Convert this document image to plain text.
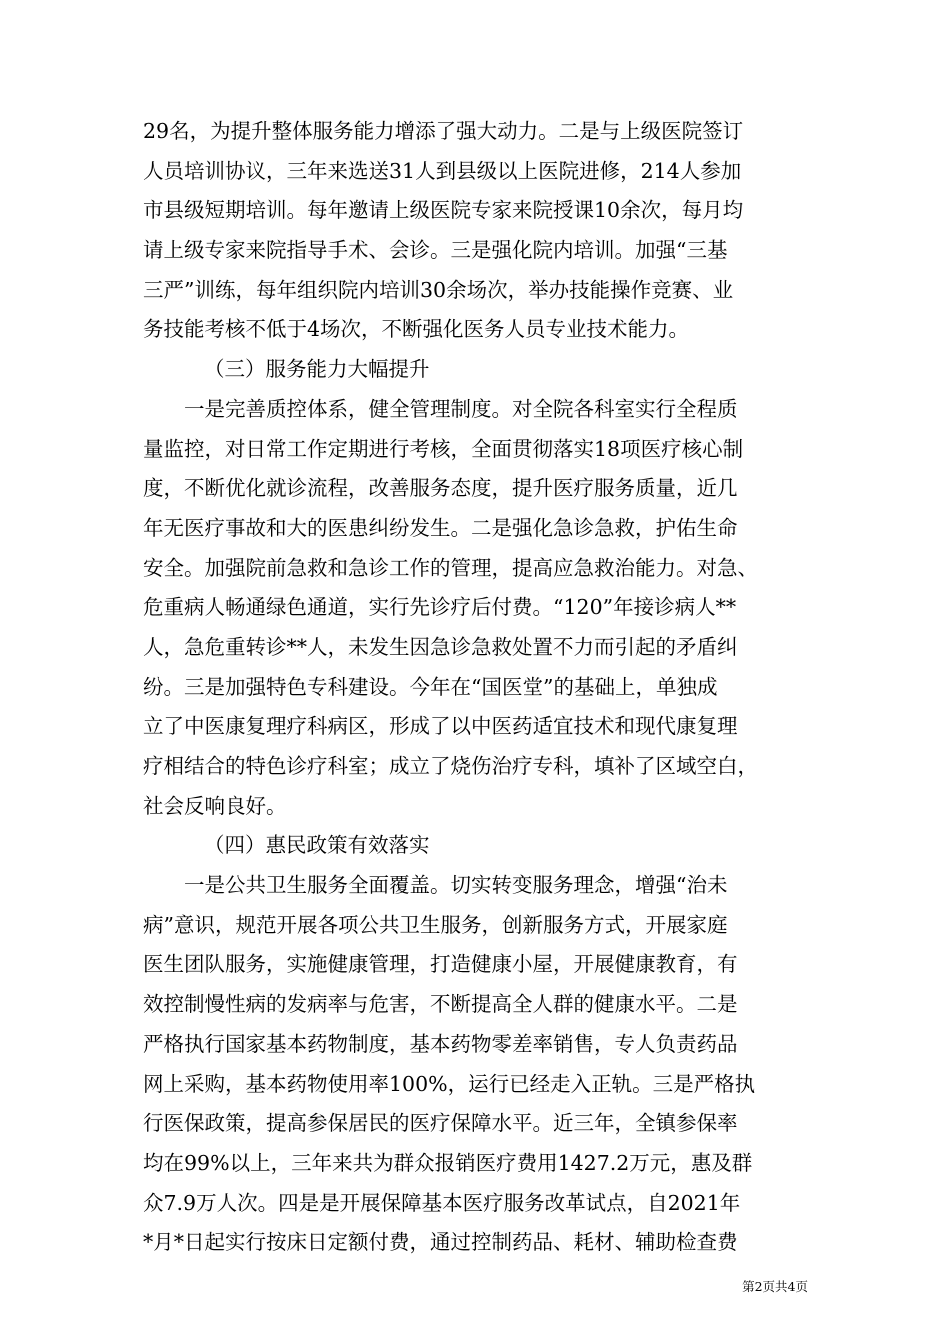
29名，为提升整体服务能力增添了强大动力。二是与上级医院签订
人员培训协议，三年来选送31人到县级以上医院进修，214人参加
市县级短期培训。每年邀请上级医院专家来院授课10余次，每月均
请上级专家来院指导手术、会诊。三是强化院内培训。加强“三基
三严”训练，每年组织院内培训30余场次，举办技能操作竞赛、业
务技能考核不低于4场次，不断强化医务人员专业技术能力。
（三）服务能力大幅提升
一是完善质控体系，健全管理制度。对全院各科室实行全程质
量监控，对日常工作定期进行考核，全面贯彻落实18项医疗核心制
度，不断优化就诊流程，改善服务态度，提升医疗服务质量，近几
年无医疗事故和大的医患纠纷发生。二是强化急诊急救，护佑生命
安全。加强院前急救和急诊工作的管理，提高应急救治能力。对急、
危重病人畅通绿色通道，实行先诊疗后付费。“120”年接诊病人**
人，急危重转诊**人，未发生因急诊急救处置不力而引起的矛盾纠
纷。三是加强特色专科建设。今年在“国医堂”的基础上，单独成
立了中医康复理疗科病区，形成了以中医药适宜技术和现代康复理
疗相结合的特色诊疗科室；成立了烧伤治疗专科，填补了区域空白，
社会反响良好。
（四）惠民政策有效落实
一是公共卫生服务全面覆盖。切实转变服务理念，增强“治未
病”意识，规范开展各项公共卫生服务，创新服务方式，开展家庭
医生团队服务，实施健康管理，打造健康小屋，开展健康教育，有
效控制慢性病的发病率与危害，不断提高全人群的健康水平。二是
严格执行国家基本药物制度，基本药物零差率销售，专人负责药品
网上采购，基本药物使用率100%，运行已经走入正轨。三是严格执
行医保政策，提高参保居民的医疗保障水平。近三年，全镇参保率
均在99%以上，三年来共为群众报销医疗费用1427.2万元，惠及群
众7.9万人次。四是是开展保障基本医疗服务改革试点，自2021年
*月*日起实行按床日定额付费，通过控制药品、耗材、辅助检查费
第2页共4页
